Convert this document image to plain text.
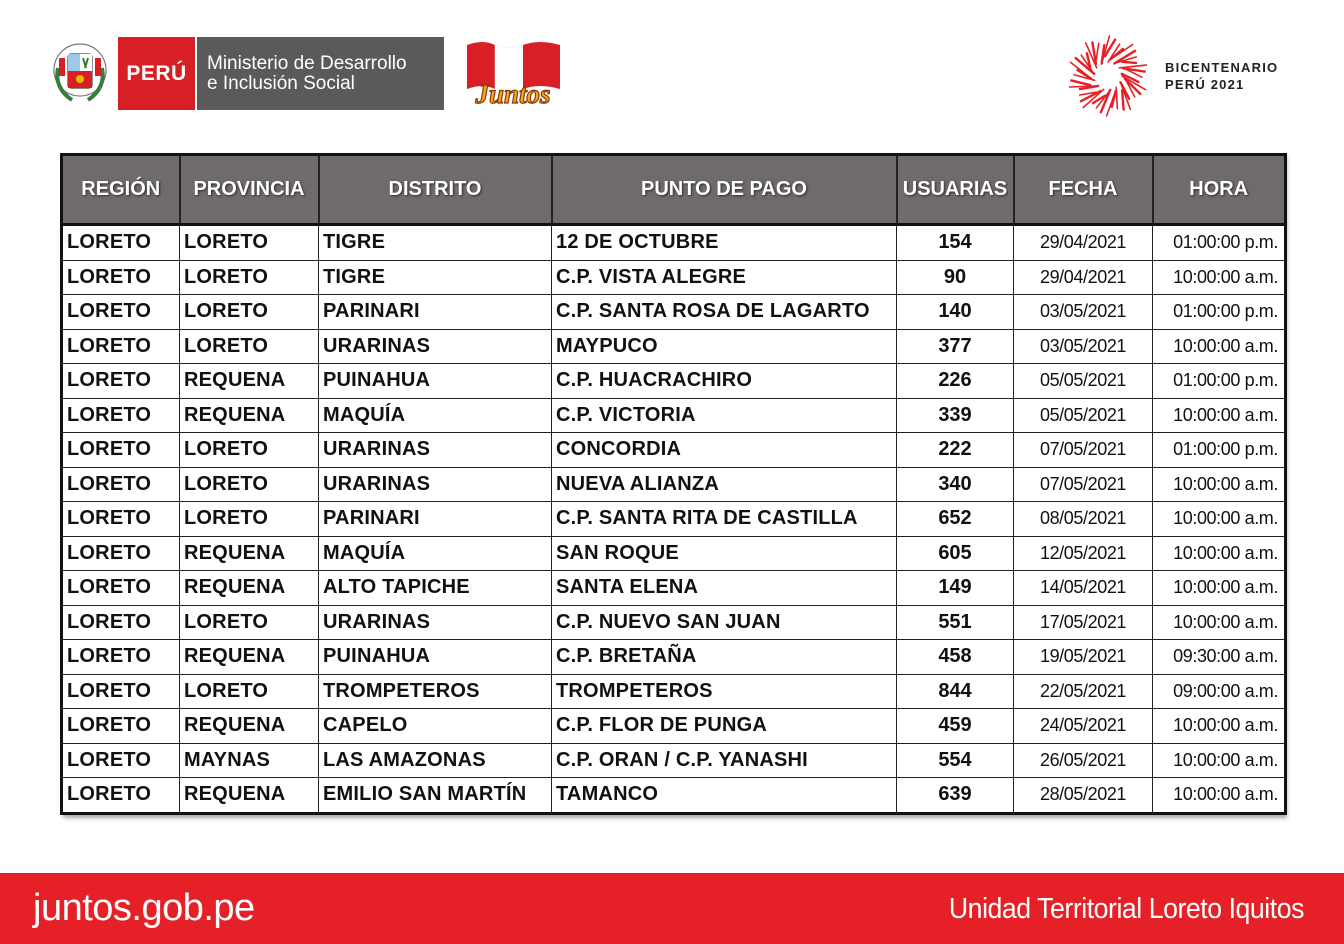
PERÚ Ministerio de Desarrollo
e Inclusión Social	Juntos
BICENTENARIO
PERÚ 2021
REGIÓN	PROVINCIA	DISTRITO	PUNTO DE PAGO	USUARIAS	FECHA	HORA
LORETO	LORETO	TIGRE	12 DE OCTUBRE	154	29/04/2021	01:00:00 p.m.
LORETO	LORETO	TIGRE	C.P. VISTA ALEGRE	90	29/04/2021	10:00:00 a.m.
LORETO	LORETO	PARINARI	C.P. SANTA ROSA DE LAGARTO	140	03/05/2021	01:00:00 p.m.
LORETO	LORETO	URARINAS	MAYPUCO	377	03/05/2021	10:00:00 a.m.
LORETO	REQUENA	PUINAHUA	C.P. HUACRACHIRO	226	05/05/2021	01:00:00 p.m.
LORETO	REQUENA	MAQUÍA	C.P. VICTORIA	339	05/05/2021	10:00:00 a.m.
LORETO	LORETO	URARINAS	CONCORDIA	222	07/05/2021	01:00:00 p.m.
LORETO	LORETO	URARINAS	NUEVA ALIANZA	340	07/05/2021	10:00:00 a.m.
LORETO	LORETO	PARINARI	C.P. SANTA RITA DE CASTILLA	652	08/05/2021	10:00:00 a.m.
LORETO	REQUENA	MAQUÍA	SAN ROQUE	605	12/05/2021	10:00:00 a.m.
LORETO	REQUENA	ALTO TAPICHE	SANTA ELENA	149	14/05/2021	10:00:00 a.m.
LORETO	LORETO	URARINAS	C.P. NUEVO SAN JUAN	551	17/05/2021	10:00:00 a.m.
LORETO	REQUENA	PUINAHUA	C.P. BRETAÑA	458	19/05/2021	09:30:00 a.m.
LORETO	LORETO	TROMPETEROS	TROMPETEROS	844	22/05/2021	09:00:00 a.m.
LORETO	REQUENA	CAPELO	C.P. FLOR DE PUNGA	459	24/05/2021	10:00:00 a.m.
LORETO	MAYNAS	LAS AMAZONAS	C.P. ORAN / C.P. YANASHI	554	26/05/2021	10:00:00 a.m.
LORETO	REQUENA	EMILIO SAN MARTÍN	TAMANCO	639	28/05/2021	10:00:00 a.m.
juntos.gob.pe	Unidad Territorial Loreto Iquitos
